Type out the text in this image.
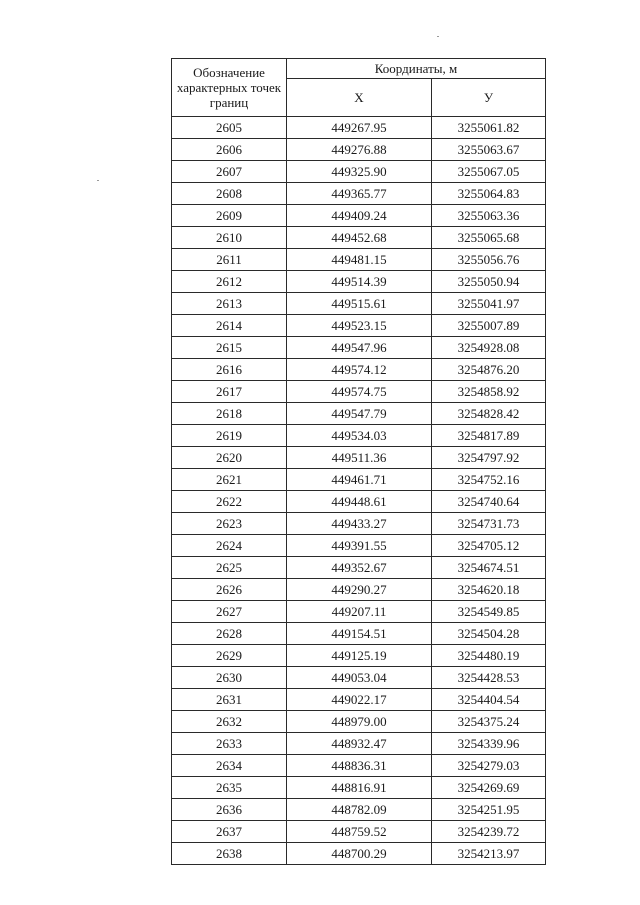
Обозначение характерных точек границ	Координаты, м	
	X	У
2605	449267.95	3255061.82
2606	449276.88	3255063.67
2607	449325.90	3255067.05
2608	449365.77	3255064.83
2609	449409.24	3255063.36
2610	449452.68	3255065.68
2611	449481.15	3255056.76
2612	449514.39	3255050.94
2613	449515.61	3255041.97
2614	449523.15	3255007.89
2615	449547.96	3254928.08
2616	449574.12	3254876.20
2617	449574.75	3254858.92
2618	449547.79	3254828.42
2619	449534.03	3254817.89
2620	449511.36	3254797.92
2621	449461.71	3254752.16
2622	449448.61	3254740.64
2623	449433.27	3254731.73
2624	449391.55	3254705.12
2625	449352.67	3254674.51
2626	449290.27	3254620.18
2627	449207.11	3254549.85
2628	449154.51	3254504.28
2629	449125.19	3254480.19
2630	449053.04	3254428.53
2631	449022.17	3254404.54
2632	448979.00	3254375.24
2633	448932.47	3254339.96
2634	448836.31	3254279.03
2635	448816.91	3254269.69
2636	448782.09	3254251.95
2637	448759.52	3254239.72
2638	448700.29	3254213.97
